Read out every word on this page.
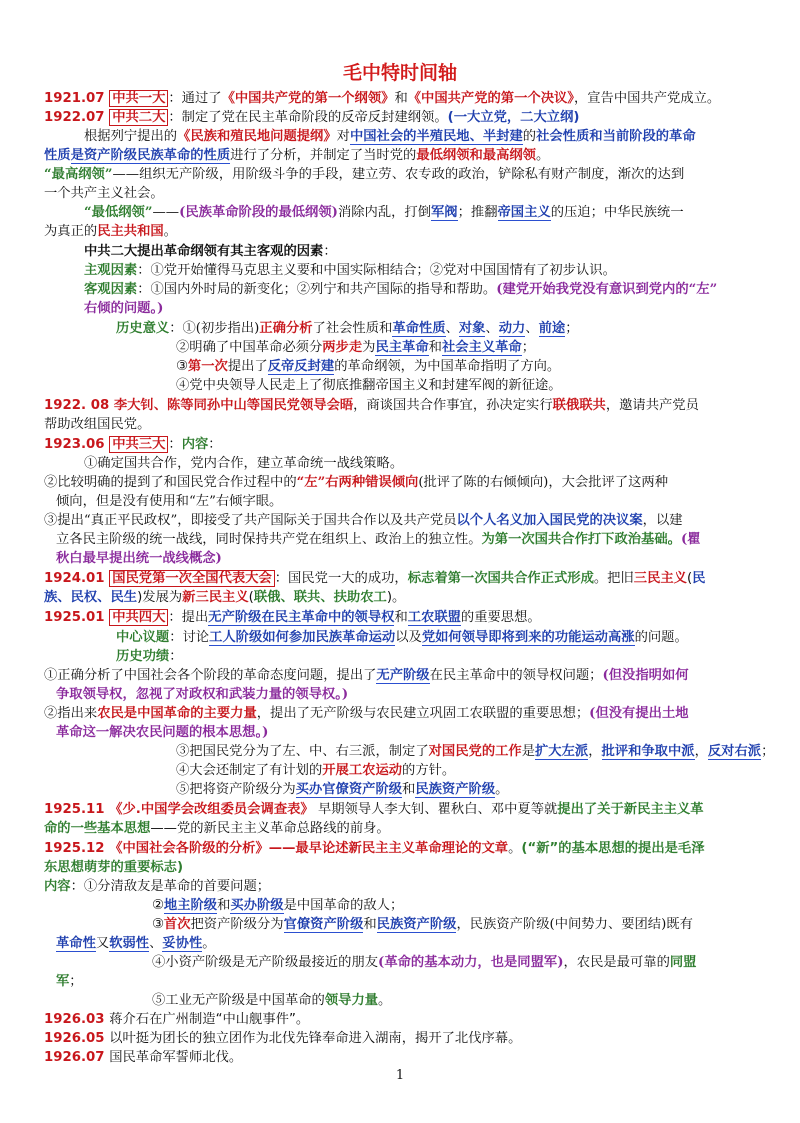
毛中特时间轴
1921.07 中共一大 ：通过了《中国共产党的第一个纲领》和《中国共产党的第一个决议》，宣告中国共产党成立。
1922.07 中共二大 ：制定了党在民主革命阶段的反帝反封建纲领。(一大立党，二大立纲)
根据列宁提出的《民族和殖民地问题提纲》对中国社会的半殖民地、半封建的社会性质和当前阶段的革命
性质是资产阶级民族革命的性质进行了分析，并制定了当时党的最低纲领和最高纲领。
“最高纲领”——组织无产阶级，用阶级斗争的手段，建立劳、农专政的政治，铲除私有财产制度，渐次的达到
一个共产主义社会。
“最低纲领”——(民族革命阶段的最低纲领)消除内乱，打倒军阀；推翻帝国主义的压迫；中华民族统一
为真正的民主共和国。
中共二大提出革命纲领有其主客观的因素：
主观因素：①党开始懂得马克思主义要和中国实际相结合；②党对中国国情有了初步认识。
客观因素：①国内外时局的新变化；②列宁和共产国际的指导和帮助。(建党开始我党没有意识到党内的“左”
右倾的问题。)
历史意义：①(初步指出)正确分析了社会性质和革命性质、对象、动力、前途；
②明确了中国革命必须分两步走为民主革命和社会主义革命；
③第一次提出了反帝反封建的革命纲领，为中国革命指明了方向。
④党中央领导人民走上了彻底推翻帝国主义和封建军阀的新征途。
1922. 08 李大钊、陈等同孙中山等国民党领导会晤，商谈国共合作事宜，孙决定实行联俄联共，邀请共产党员
帮助改组国民党。
1923.06 中共三大 ：内容：
①确定国共合作，党内合作，建立革命统一战线策略。
②比较明确的提到了和国民党合作过程中的“左”右两种错误倾向(批评了陈的右倾倾向)，大会批评了这两种
倾向，但是没有使用和“左”右倾字眼。
③提出“真正平民政权”，即接受了共产国际关于国共合作以及共产党员以个人名义加入国民党的决议案，以建
立各民主阶级的统一战线，同时保持共产党在组织上、政治上的独立性。为第一次国共合作打下政治基础。(瞿
秋白最早提出统一战线概念)
1924.01 国民党第一次全国代表大会 ：国民党一大的成功，标志着第一次国共合作正式形成。把旧三民主义(民
族、民权、民生)发展为新三民主义(联俄、联共、扶助农工)。
1925.01 中共四大 ：提出无产阶级在民主革命中的领导权和工农联盟的重要思想。
中心议题：讨论工人阶级如何参加民族革命运动以及党如何领导即将到来的功能运动高涨的问题。
历史功绩：
①正确分析了中国社会各个阶段的革命态度问题，提出了无产阶级在民主革命中的领导权问题；(但没指明如何
争取领导权，忽视了对政权和武装力量的领导权。)
②指出来农民是中国革命的主要力量，提出了无产阶级与农民建立巩固工农联盟的重要思想；(但没有提出土地
革命这一解决农民问题的根本思想。)
③把国民党分为了左、中、右三派，制定了对国民党的工作是扩大左派，批评和争取中派，反对右派；
④大会还制定了有计划的开展工农运动的方针。
⑤把将资产阶级分为买办官僚资产阶级和民族资产阶级。
1925.11 《少.中国学会改组委员会调查表》 早期领导人李大钊、瞿秋白、邓中夏等就提出了关于新民主主义革
命的一些基本思想——党的新民主主义革命总路线的前身。
1925.12 《中国社会各阶级的分析》——最早论述新民主主义革命理论的文章。(“新”的基本思想的提出是毛泽
东思想萌芽的重要标志)
内容：①分清敌友是革命的首要问题；
②地主阶级和买办阶级是中国革命的敌人；
③首次把资产阶级分为官僚资产阶级和民族资产阶级，民族资产阶级(中间势力、要团结)既有
革命性又软弱性、妥协性。
④小资产阶级是无产阶级最接近的朋友(革命的基本动力，也是同盟军)，农民是最可靠的同盟
军；
⑤工业无产阶级是中国革命的领导力量。
1926.03 蒋介石在广州制造“中山舰事件”。
1926.05 以叶挺为团长的独立团作为北伐先锋奉命进入湖南，揭开了北伐序幕。
1926.07 国民革命军誓师北伐。
1
